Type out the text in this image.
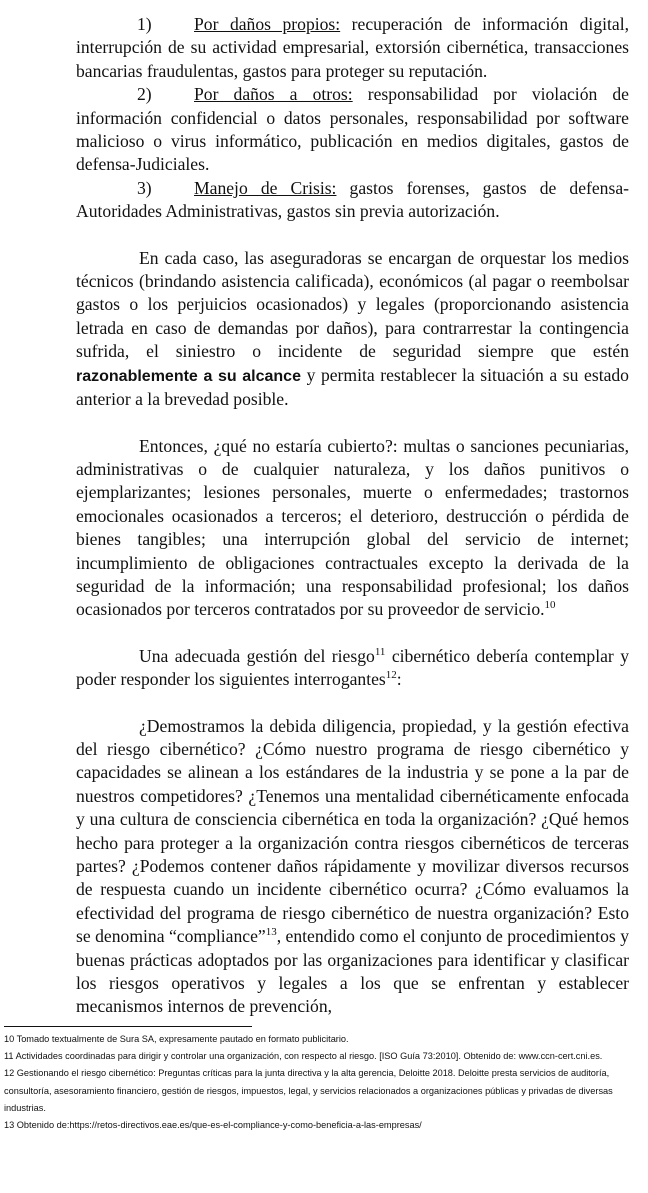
1) Por daños propios: recuperación de información digital, interrupción de su actividad empresarial, extorsión cibernética, transacciones bancarias fraudulentas, gastos para proteger su reputación.

2) Por daños a otros: responsabilidad por violación de información confidencial o datos personales, responsabilidad por software malicioso o virus informático, publicación en medios digitales, gastos de defensa-Judiciales.

3) Manejo de Crisis: gastos forenses, gastos de defensa-Autoridades Administrativas, gastos sin previa autorización.

En cada caso, las aseguradoras se encargan de orquestar los medios técnicos (brindando asistencia calificada), económicos (al pagar o reembolsar gastos o los perjuicios ocasionados) y legales (proporcionando asistencia letrada en caso de demandas por daños), para contrarrestar la contingencia sufrida, el siniestro o incidente de seguridad siempre que estén razonablemente a su alcance y permita restablecer la situación a su estado anterior a la brevedad posible.

Entonces, ¿qué no estaría cubierto?: multas o sanciones pecuniarias, administrativas o de cualquier naturaleza, y los daños punitivos o ejemplarizantes; lesiones personales, muerte o enfermedades; trastornos emocionales ocasionados a terceros; el deterioro, destrucción o pérdida de bienes tangibles; una interrupción global del servicio de internet; incumplimiento de obligaciones contractuales excepto la derivada de la seguridad de la información; una responsabilidad profesional; los daños ocasionados por terceros contratados por su proveedor de servicio.$^{10}$

Una adecuada gestión del riesgo$^{11}$ cibernético debería contemplar y poder responder los siguientes interrogantes$^{12}$:

¿Demostramos la debida diligencia, propiedad, y la gestión efectiva del riesgo cibernético? ¿Cómo nuestro programa de riesgo cibernético y capacidades se alinean a los estándares de la industria y se pone a la par de nuestros competidores? ¿Tenemos una mentalidad cibernéticamente enfocada y una cultura de consciencia cibernética en toda la organización? ¿Qué hemos hecho para proteger a la organización contra riesgos cibernéticos de terceras partes? ¿Podemos contener daños rápidamente y movilizar diversos recursos de respuesta cuando un incidente cibernético ocurra? ¿Cómo evaluamos la efectividad del programa de riesgo cibernético de nuestra organización? Esto se denomina “compliance”$^{13}$, entendido como el conjunto de procedimientos y buenas prácticas adoptados por las organizaciones para identificar y clasificar los riesgos operativos y legales a los que se enfrentan y establecer mecanismos internos de prevención,

10 Tomado textualmente de Sura SA, expresamente pautado en formato publicitario.

11 Actividades coordinadas para dirigir y controlar una organización, con respecto al riesgo. [ISO Guía 73:2010]. Obtenido de: www.ccn-cert.cni.es.

12 Gestionando el riesgo cibernético: Preguntas críticas para la junta directiva y la alta gerencia, Deloitte 2018. Deloitte presta servicios de auditoría, consultoría, asesoramiento financiero, gestión de riesgos, impuestos, legal, y servicios relacionados a organizaciones públicas y privadas de diversas industrias.

13 Obtenido de:https://retos-directivos.eae.es/que-es-el-compliance-y-como-beneficia-a-las-empresas/
